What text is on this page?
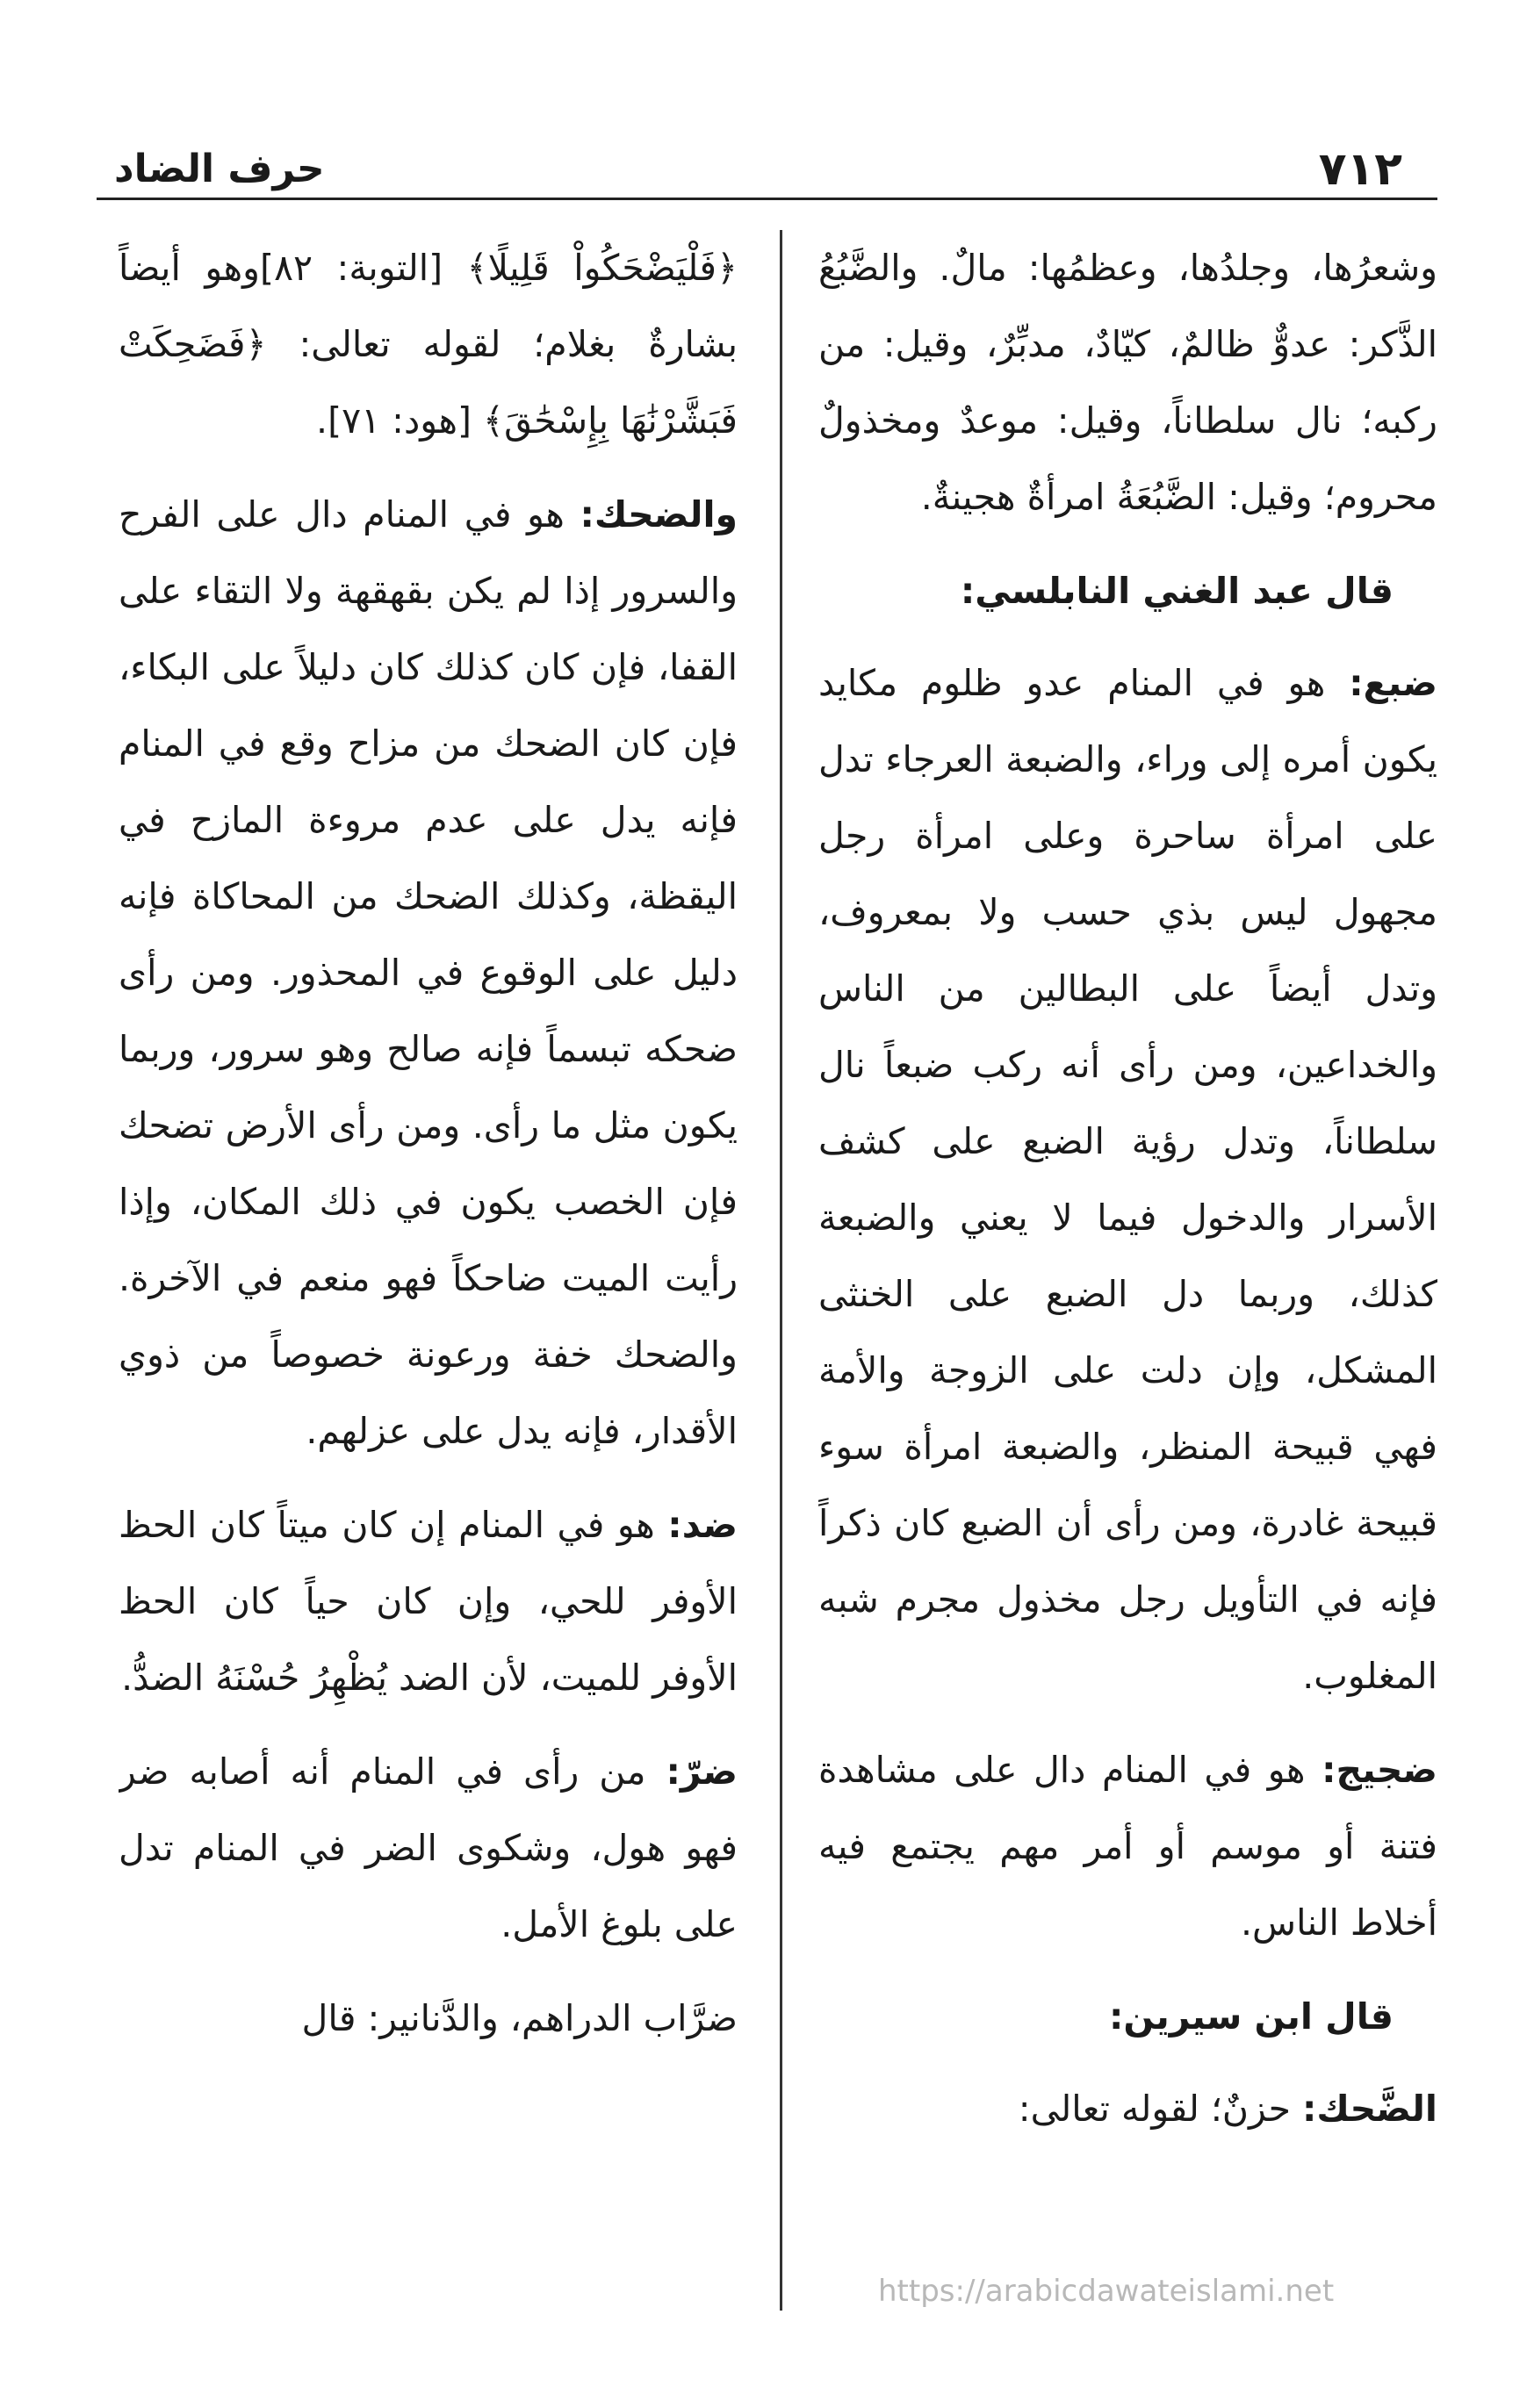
٧١٢
حرف الضاد

وشعرُها، وجلدُها، وعظمُها: مالٌ. والضَّبُعُ الذَّكر: عدوٌّ ظالمٌ، كيّادٌ، مدبِّرٌ، وقيل: من ركبه؛ نال سلطاناً، وقيل: موعدٌ ومخذولٌ محروم؛ وقيل: الضَّبُعَةُ امرأةٌ هجينةٌ.

قال عبد الغني النابلسي:

ضبع: هو في المنام عدو ظلوم مكايد يكون أمره إلى وراء، والضبعة العرجاء تدل على امرأة ساحرة وعلى امرأة رجل مجهول ليس بذي حسب ولا بمعروف، وتدل أيضاً على البطالين من الناس والخداعين، ومن رأى أنه ركب ضبعاً نال سلطاناً، وتدل رؤية الضبع على كشف الأسرار والدخول فيما لا يعني والضبعة كذلك، وربما دل الضبع على الخنثى المشكل، وإن دلت على الزوجة والأمة فهي قبيحة المنظر، والضبعة امرأة سوء قبيحة غادرة، ومن رأى أن الضبع كان ذكراً فإنه في التأويل رجل مخذول مجرم شبه المغلوب.

ضجيج: هو في المنام دال على مشاهدة فتنة أو موسم أو أمر مهم يجتمع فيه أخلاط الناس.

قال ابن سيرين:

الضَّحك: حزنٌ؛ لقوله تعالى:

﴿فَلْيَضْحَكُواْ قَلِيلًا﴾ [التوبة: ٨٢]وهو أيضاً بشارةٌ بغلام؛ لقوله تعالى: ﴿فَضَحِكَتْ فَبَشَّرْنَٰهَا بِإِسْحَٰقَ﴾ [هود: ٧١].

والضحك: هو في المنام دال على الفرح والسرور إذا لم يكن بقهقهة ولا التقاء على القفا، فإن كان كذلك كان دليلاً على البكاء، فإن كان الضحك من مزاح وقع في المنام فإنه يدل على عدم مروءة المازح في اليقظة، وكذلك الضحك من المحاكاة فإنه دليل على الوقوع في المحذور. ومن رأى ضحكه تبسماً فإنه صالح وهو سرور، وربما يكون مثل ما رأى. ومن رأى الأرض تضحك فإن الخصب يكون في ذلك المكان، وإذا رأيت الميت ضاحكاً فهو منعم في الآخرة. والضحك خفة ورعونة خصوصاً من ذوي الأقدار، فإنه يدل على عزلهم.

ضد: هو في المنام إن كان ميتاً كان الحظ الأوفر للحي، وإن كان حياً كان الحظ الأوفر للميت، لأن الضد يُظْهِرُ حُسْنَهُ الضدُّ.

ضرّ: من رأى في المنام أنه أصابه ضر فهو هول، وشكوى الضر في المنام تدل على بلوغ الأمل.

ضرَّاب الدراهم، والدَّنانير: قال

https://arabicdawateislami.net
